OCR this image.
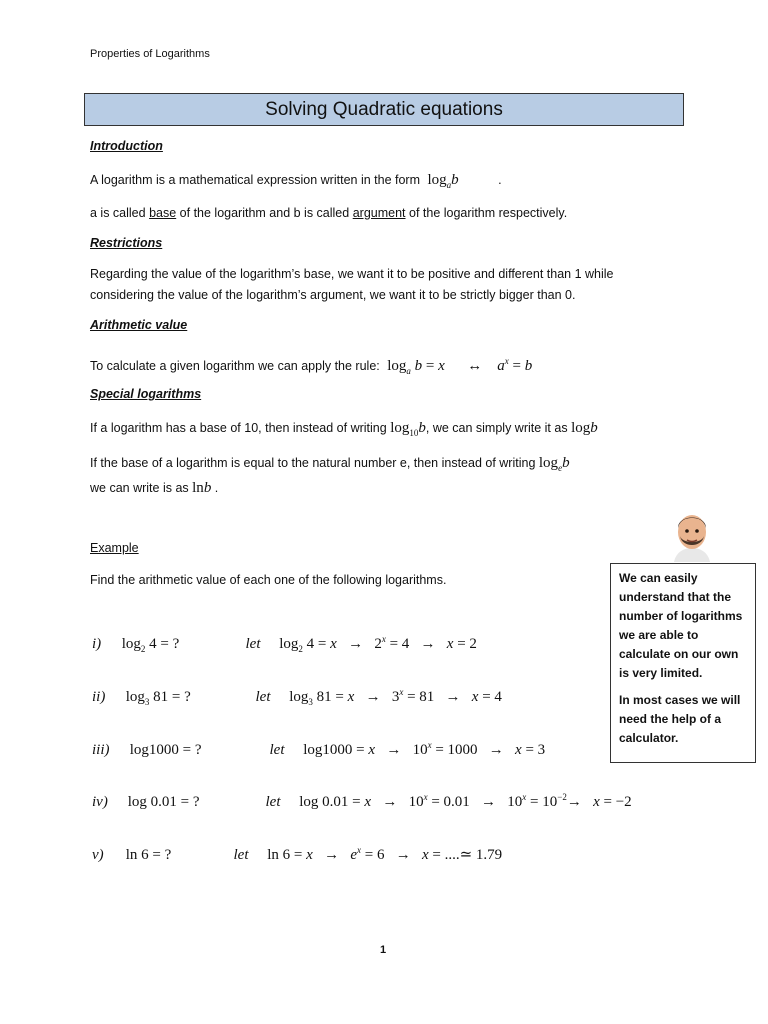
Properties of Logarithms
Solving Quadratic equations
Introduction
A logarithm is a mathematical expression written in the form $\log_ab$	.
a is called base of the logarithm and b is called argument of the logarithm respectively.
Restrictions
Regarding the value of the logarithm’s base, we want it to be positive and different than 1 while
considering the value of the logarithm’s argument, we want it to be strictly bigger than 0.
Arithmetic value
To calculate a given logarithm we can apply the rule: $\log_a b = x$      ↔    $a^x = b$
Special logarithms
If a logarithm has a base of 10, then instead of writing $\log_{10}b$, we can simply write it as logb
If the base of a logarithm is equal to the natural number e, then instead of writing $\log_eb$
we can write is as lnb .

We can easily understand that the number of logarithms we are able to calculate on our own is very limited.

In most cases we will need the help of a calculator.

Example
Find the arithmetic value of each one of the following logarithms.
i) $\log_2 4$ = ?	let $\log_2 4 = x \to 2^x = 4 \to x = 2$
ii) $\log_3 81$ = ?	let $\log_3 81 = x \to 3^x = 81 \to x = 4$
iii) log1000 = ?	let $\log 1000 = x \to 10^x = 1000 \to x = 3$
iv) log 0.01 = ?	let $\log 0.01 = x \to 10^x = 0.01 \to 10^x = 10^{-2}\to x = -2$
v) ln 6 = ?	let $\ln 6 = x \to e^x = 6 \to x$ = ....≃ 1.79
1
